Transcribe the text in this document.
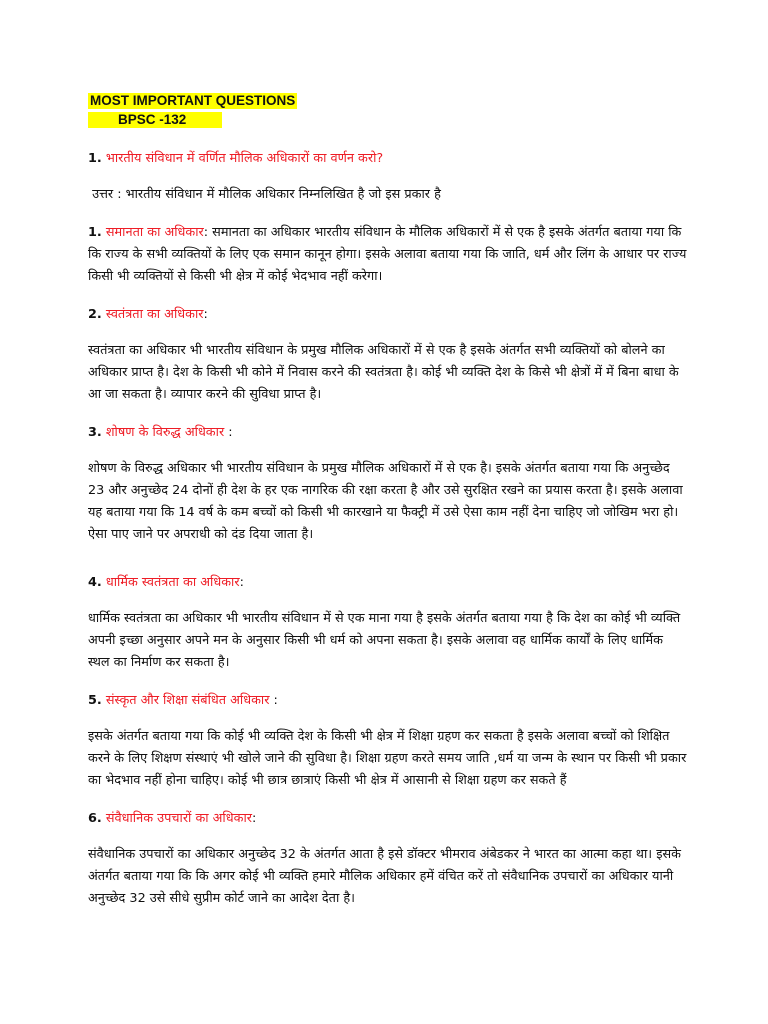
MOST IMPORTANT QUESTIONS
BPSC -132

1. भारतीय संविधान में वर्णित मौलिक अधिकारों का वर्णन करो?

उत्तर : भारतीय संविधान में मौलिक अधिकार निम्नलिखित है जो इस प्रकार है

1. समानता का अधिकार: समानता का अधिकार भारतीय संविधान के मौलिक अधिकारों में से एक है इसके अंतर्गत बताया गया कि कि राज्य के सभी व्यक्तियों के लिए एक समान कानून होगा। इसके अलावा बताया गया कि जाति, धर्म और लिंग के आधार पर राज्य किसी भी व्यक्तियों से किसी भी क्षेत्र में कोई भेदभाव नहीं करेगा।

2. स्वतंत्रता का अधिकार:

स्वतंत्रता का अधिकार भी भारतीय संविधान के प्रमुख मौलिक अधिकारों में से एक है इसके अंतर्गत सभी व्यक्तियों को बोलने का अधिकार प्राप्त है। देश के किसी भी कोने में निवास करने की स्वतंत्रता है। कोई भी व्यक्ति देश के किसे भी क्षेत्रों में में बिना बाधा के आ जा सकता है। व्यापार करने की सुविधा प्राप्त है।

3. शोषण के विरुद्ध अधिकार :

शोषण के विरुद्ध अधिकार भी भारतीय संविधान के प्रमुख मौलिक अधिकारों में से एक है। इसके अंतर्गत बताया गया कि अनुच्छेद 23 और अनुच्छेद 24 दोनों ही देश के हर एक नागरिक की रक्षा करता है और उसे सुरक्षित रखने का प्रयास करता है। इसके अलावा यह बताया गया कि 14 वर्ष के कम बच्चों को किसी भी कारखाने या फैक्ट्री में उसे ऐसा काम नहीं देना चाहिए जो जोखिम भरा हो। ऐसा पाए जाने पर अपराधी को दंड दिया जाता है।

4. धार्मिक स्वतंत्रता का अधिकार:

धार्मिक स्वतंत्रता का अधिकार भी भारतीय संविधान में से एक माना गया है इसके अंतर्गत बताया गया है कि देश का कोई भी व्यक्ति अपनी इच्छा अनुसार अपने मन के अनुसार किसी भी धर्म को अपना सकता है। इसके अलावा वह धार्मिक कार्यों के लिए धार्मिक स्थल का निर्माण कर सकता है।

5. संस्कृत और शिक्षा संबंधित अधिकार :

इसके अंतर्गत बताया गया कि कोई भी व्यक्ति देश के किसी भी क्षेत्र में शिक्षा ग्रहण कर सकता है इसके अलावा बच्चों को शिक्षित करने के लिए शिक्षण संस्थाएं भी खोले जाने की सुविधा है। शिक्षा ग्रहण करते समय जाति ,धर्म या जन्म के स्थान पर किसी भी प्रकार का भेदभाव नहीं होना चाहिए। कोई भी छात्र छात्राएं किसी भी क्षेत्र में आसानी से शिक्षा ग्रहण कर सकते हैं

6. संवैधानिक उपचारों का अधिकार:

संवैधानिक उपचारों का अधिकार अनुच्छेद 32 के अंतर्गत आता है इसे डॉक्टर भीमराव अंबेडकर ने भारत का आत्मा कहा था। इसके अंतर्गत बताया गया कि कि अगर कोई भी व्यक्ति हमारे मौलिक अधिकार हमें वंचित करें तो संवैधानिक उपचारों का अधिकार यानी अनुच्छेद 32 उसे सीधे सुप्रीम कोर्ट जाने का आदेश देता है।
